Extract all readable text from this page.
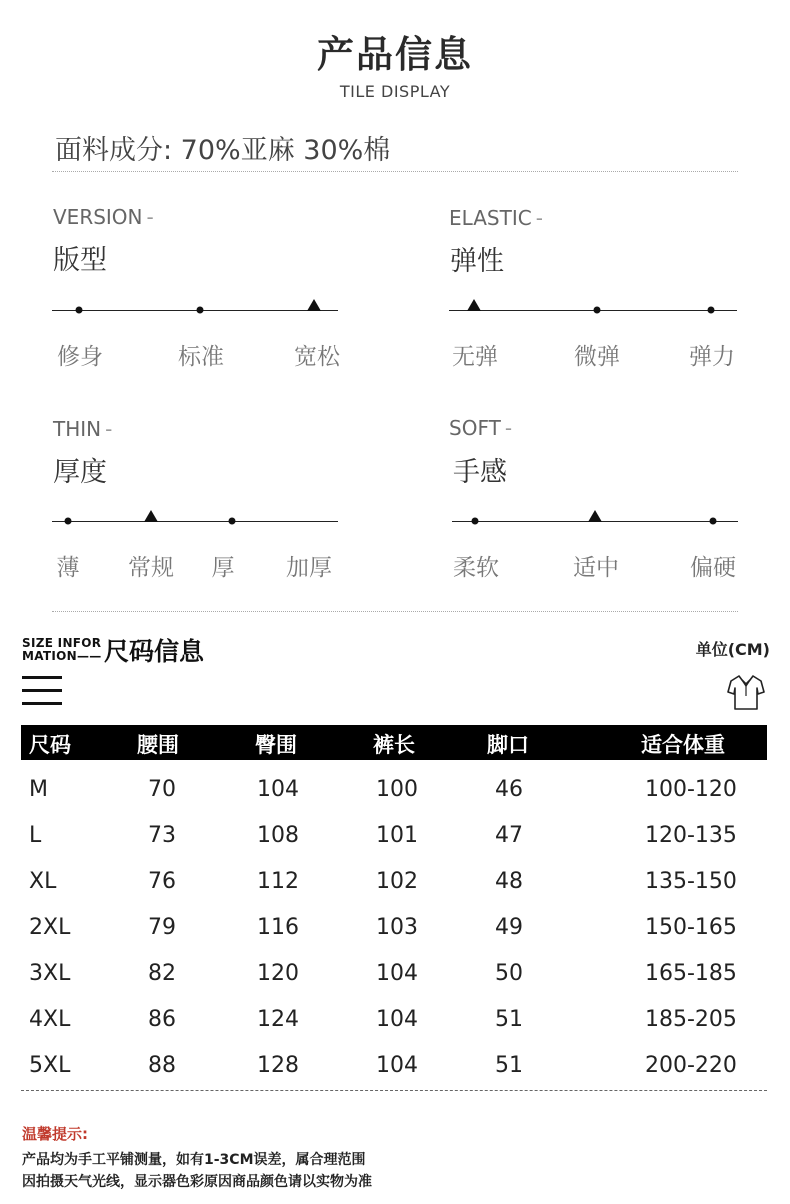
产品信息
TILE DISPLAY
面料成分: 70%亚麻 30%棉
VERSION -
版型
修身	标准	宽松
ELASTIC -
弹性
无弹	微弹	弹力
THIN -
厚度
薄 常规 厚 加厚
SOFT -
手感
柔软	适中	偏硬
SIZE INFOR
MATION—— 尺码信息	单位(CM)
尺码	腰围	臀围	裤长	脚口	适合体重
M	70	104	100	46	100-120
L	73	108	101	47	120-135
XL	76	112	102	48	135-150
2XL	79	116	103	49	150-165
3XL	82	120	104	50	165-185
4XL	86	124	104	51	185-205
5XL	88	128	104	51	200-220
温馨提示:
产品均为手工平铺测量，如有1-3CM误差，属合理范围
因拍摄天气光线，显示器色彩原因商品颜色请以实物为准
